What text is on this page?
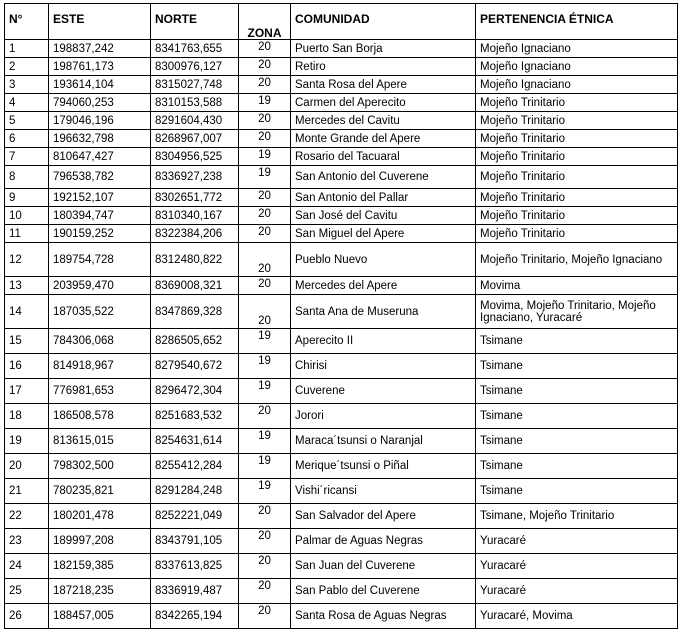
N°	ESTE	NORTE	ZONA	COMUNIDAD	PERTENENCIA ÉTNICA
1	198837,242	8341763,655	20	Puerto San Borja	Mojeño Ignaciano
2	198761,173	8300976,127	20	Retiro	Mojeño Ignaciano
3	193614,104	8315027,748	20	Santa Rosa del Apere	Mojeño Ignaciano
4	794060,253	8310153,588	19	Carmen del Aperecito	Mojeño Trinitario
5	179046,196	8291604,430	20	Mercedes del Cavitu	Mojeño Trinitario
6	196632,798	8268967,007	20	Monte Grande del Apere	Mojeño Trinitario
7	810647,427	8304956,525	19	Rosario del Tacuaral	Mojeño Trinitario
8	796538,782	8336927,238	19	San Antonio del Cuverene	Mojeño Trinitario
9	192152,107	8302651,772	20	San Antonio del Pallar	Mojeño Trinitario
10	180394,747	8310340,167	20	San José del Cavitu	Mojeño Trinitario
11	190159,252	8322384,206	20	San Miguel del Apere	Mojeño Trinitario
12	189754,728	8312480,822	20	Pueblo Nuevo	Mojeño Trinitario, Mojeño Ignaciano
13	203959,470	8369008,321	20	Mercedes del Apere	Movima
14	187035,522	8347869,328	20	Santa Ana de Museruna	Movima, Mojeño Trinitario, Mojeño Ignaciano, Yuracaré
15	784306,068	8286505,652	19	Aperecito II	Tsimane
16	814918,967	8279540,672	19	Chirisi	Tsimane
17	776981,653	8296472,304	19	Cuverene	Tsimane
18	186508,578	8251683,532	20	Jorori	Tsimane
19	813615,015	8254631,614	19	Maraca´tsunsi o Naranjal	Tsimane
20	798302,500	8255412,284	19	Merique´tsunsi o Piñal	Tsimane
21	780235,821	8291284,248	19	Vishi´ricansi	Tsimane
22	180201,478	8252221,049	20	San Salvador del Apere	Tsimane, Mojeño Trinitario
23	189997,208	8343791,105	20	Palmar de Aguas Negras	Yuracaré
24	182159,385	8337613,825	20	San Juan del Cuverene	Yuracaré
25	187218,235	8336919,487	20	San Pablo del Cuverene	Yuracaré
26	188457,005	8342265,194	20	Santa Rosa de Aguas Negras	Yuracaré, Movima
